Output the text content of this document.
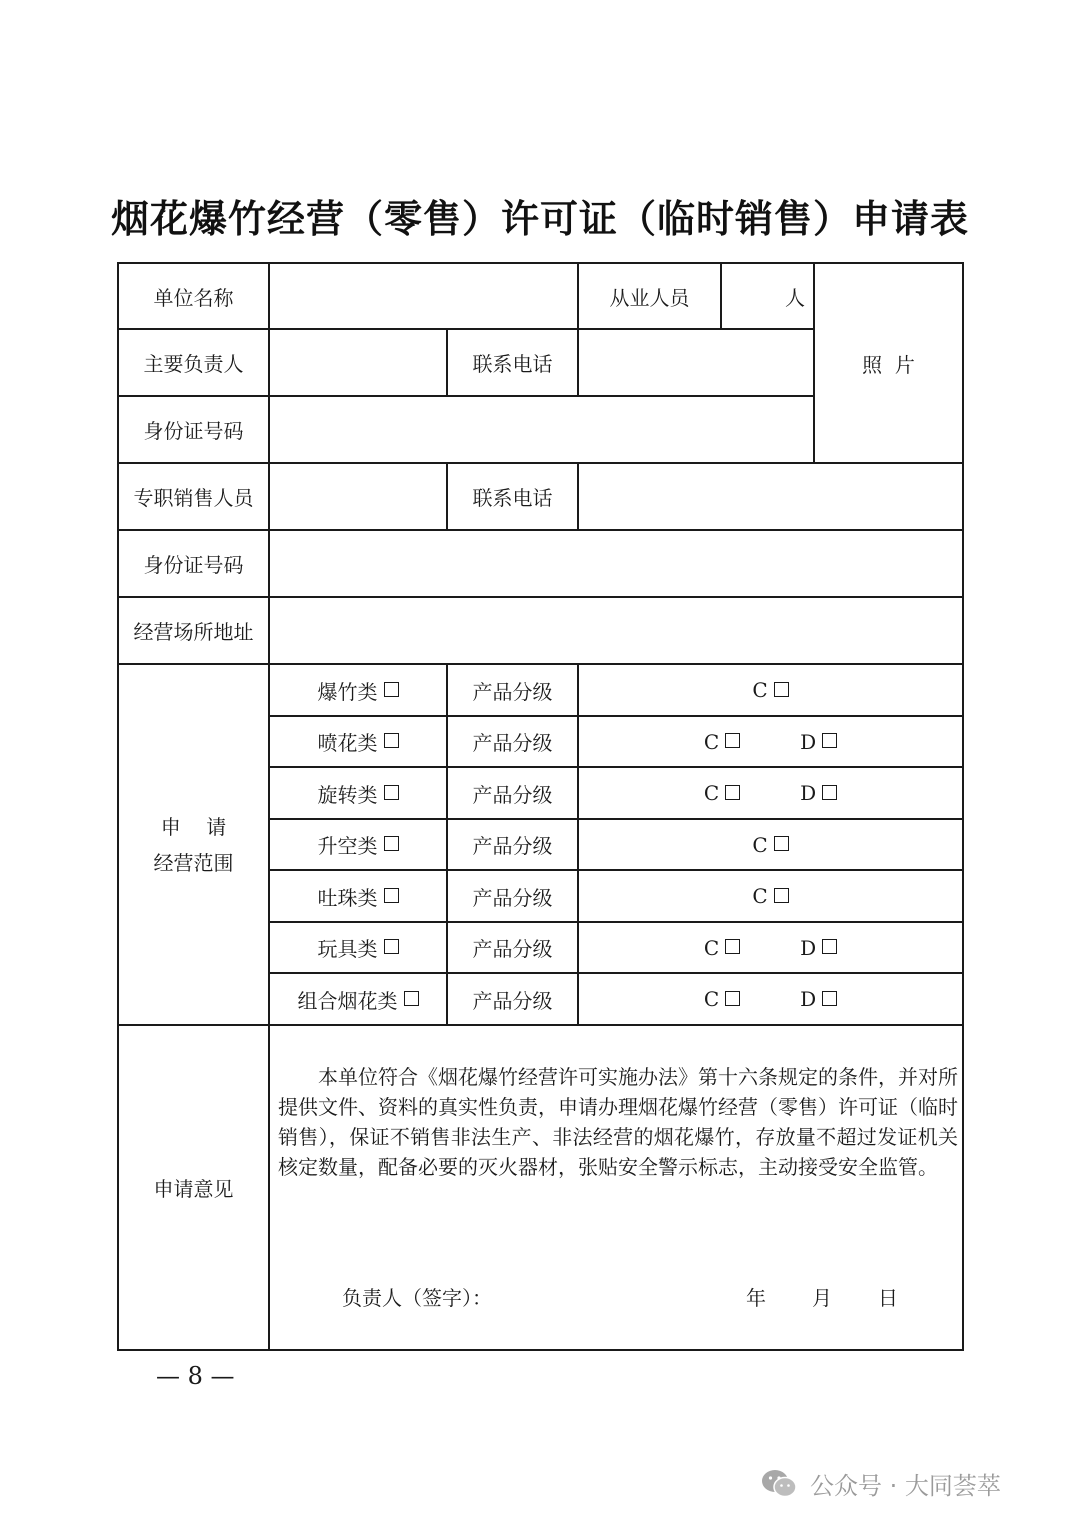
烟花爆竹经营（零售）许可证（临时销售）申请表
单位名称	从业人员	人
照  片
主要负责人	联系电话
身份证号码
专职销售人员	联系电话
身份证号码
经营场所地址
申    请
经营范围
爆竹类	产品分级	C
喷花类	产品分级	C	D
旋转类	产品分级	C	D
升空类	产品分级	C
吐珠类	产品分级	C
玩具类	产品分级	C	D
组合烟花类	产品分级	C	D
申请意见
本单位符合《烟花爆竹经营许可实施办法》第十六条规定的条件，并对所提供文件、资料的真实性负责，申请办理烟花爆竹经营（零售）许可证（临时销售），保证不销售非法生产、非法经营的烟花爆竹，存放量不超过发证机关核定数量，配备必要的灭火器材，张贴安全警示标志，主动接受安全监管。
负责人（签字）：	年 月 日
— 8 —
公众号 · 大同荟萃
